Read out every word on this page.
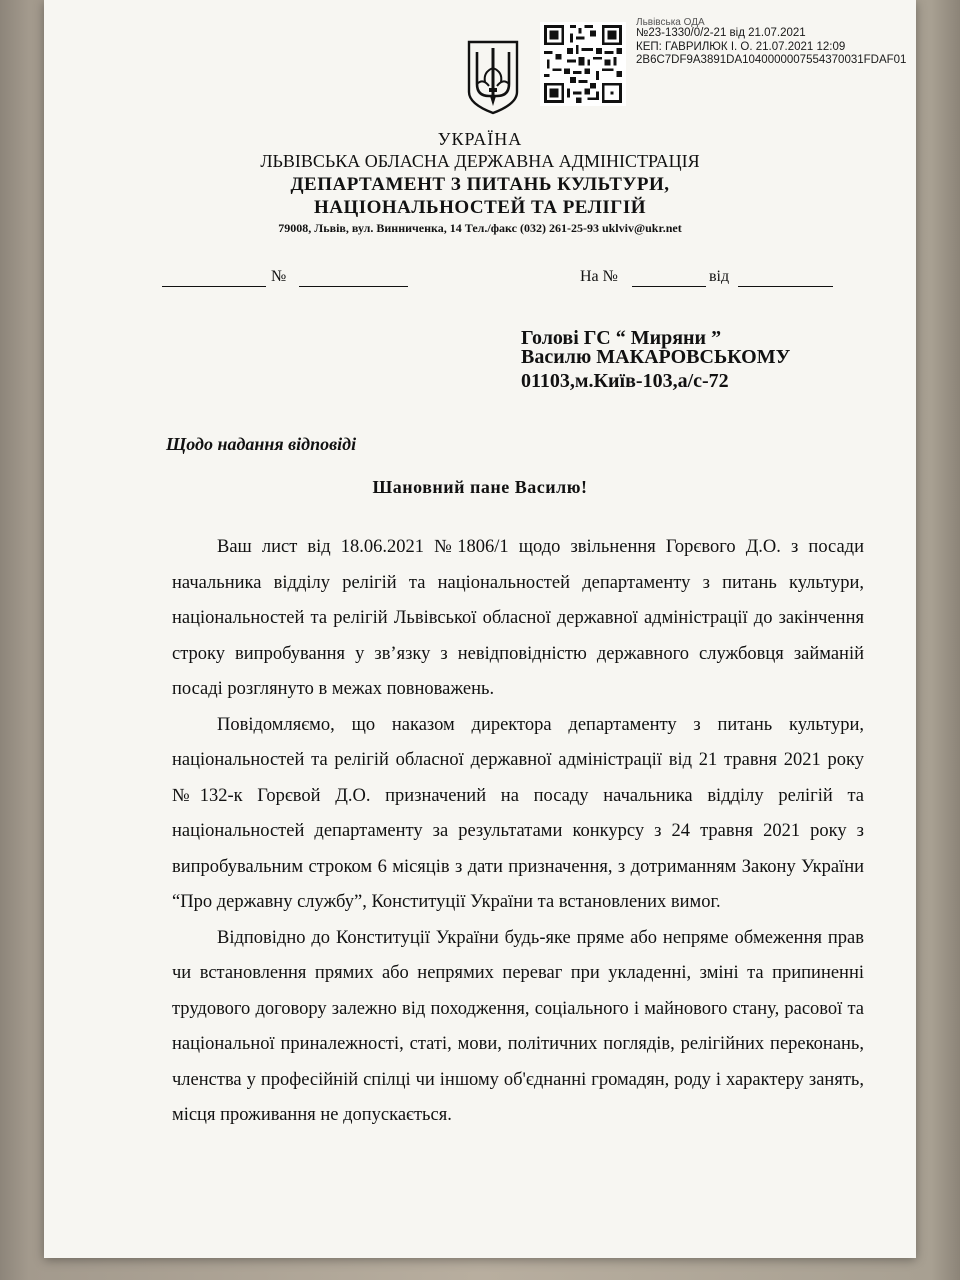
Львівська ОДА
№23-1330/0/2-21 від 21.07.2021
КЕП: ГАВРИЛЮК І. О. 21.07.2021 12:09
2B6C7DF9A3891DA1040000007554370031FDAF01
УКРАЇНА
ЛЬВІВСЬКА ОБЛАСНА ДЕРЖАВНА АДМІНІСТРАЦІЯ
ДЕПАРТАМЕНТ З ПИТАНЬ КУЛЬТУРИ,
НАЦІОНАЛЬНОСТЕЙ ТА РЕЛІГІЙ
79008, Львів, вул. Винниченка, 14 Тел./факс (032) 261-25-93 uklviv@ukr.net
№	На №	від
Голові ГС “ Миряни ”
Василю МАКАРОВСЬКОМУ
01103,м.Київ-103,а/с-72
Щодо надання відповіді
Шановний пане Василю!

Ваш лист від 18.06.2021 №1806/1 щодо звільнення Горєвого Д.О. з посади начальника відділу релігій та національностей департаменту з питань культури, національностей та релігій Львівської обласної державної адміністрації до закінчення строку випробування у зв’язку з невідповідністю державного службовця займаній посаді розглянуто в межах повноважень.

Повідомляємо, що наказом директора департаменту з питань культури, національностей та релігій обласної державної адміністрації від 21 травня 2021 року №132-к Горєвой Д.О. призначений на посаду начальника відділу релігій та національностей департаменту за результатами конкурсу з 24 травня 2021 року з випробувальним строком 6 місяців з дати призначення, з дотриманням Закону України “Про державну службу”, Конституції України та встановлених вимог.

Відповідно до Конституції України будь-яке пряме або непряме обмеження прав чи встановлення прямих або непрямих переваг при укладенні, зміні та припиненні трудового договору залежно від походження, соціального і майнового стану, расової та національної приналежності, статі, мови, політичних поглядів, релігійних переконань, членства у професійній спілці чи іншому об'єднанні громадян, роду і характеру занять, місця проживання не допускається.
